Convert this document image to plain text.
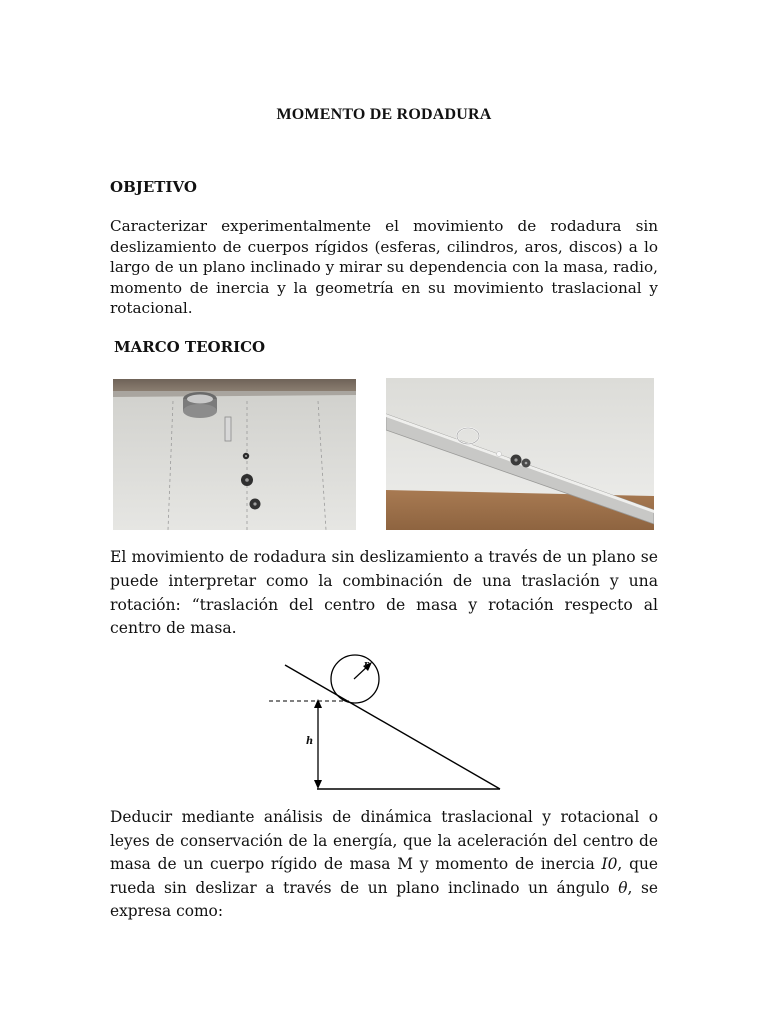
MOMENTO DE RODADURA
OBJETIVO

Caracterizar experimentalmente el movimiento de rodadura sin deslizamiento de cuerpos rígidos (esferas, cilindros, aros, discos) a lo largo de un plano inclinado y mirar su dependencia con la masa, radio, momento de inercia y la geometría en su movimiento traslacional y rotacional.

MARCO TEORICO

El movimiento de rodadura sin deslizamiento a través de un plano se puede interpretar como la combinación de una traslación y una rotación: “traslación del centro de masa y rotación respecto al centro de masa.

r
h

Deducir mediante análisis de dinámica traslacional y rotacional o leyes de conservación de la energía, que la aceleración del centro de masa de un cuerpo rígido de masa M y momento de inercia I0, que rueda sin deslizar a través de un plano inclinado un ángulo θ, se expresa como:
